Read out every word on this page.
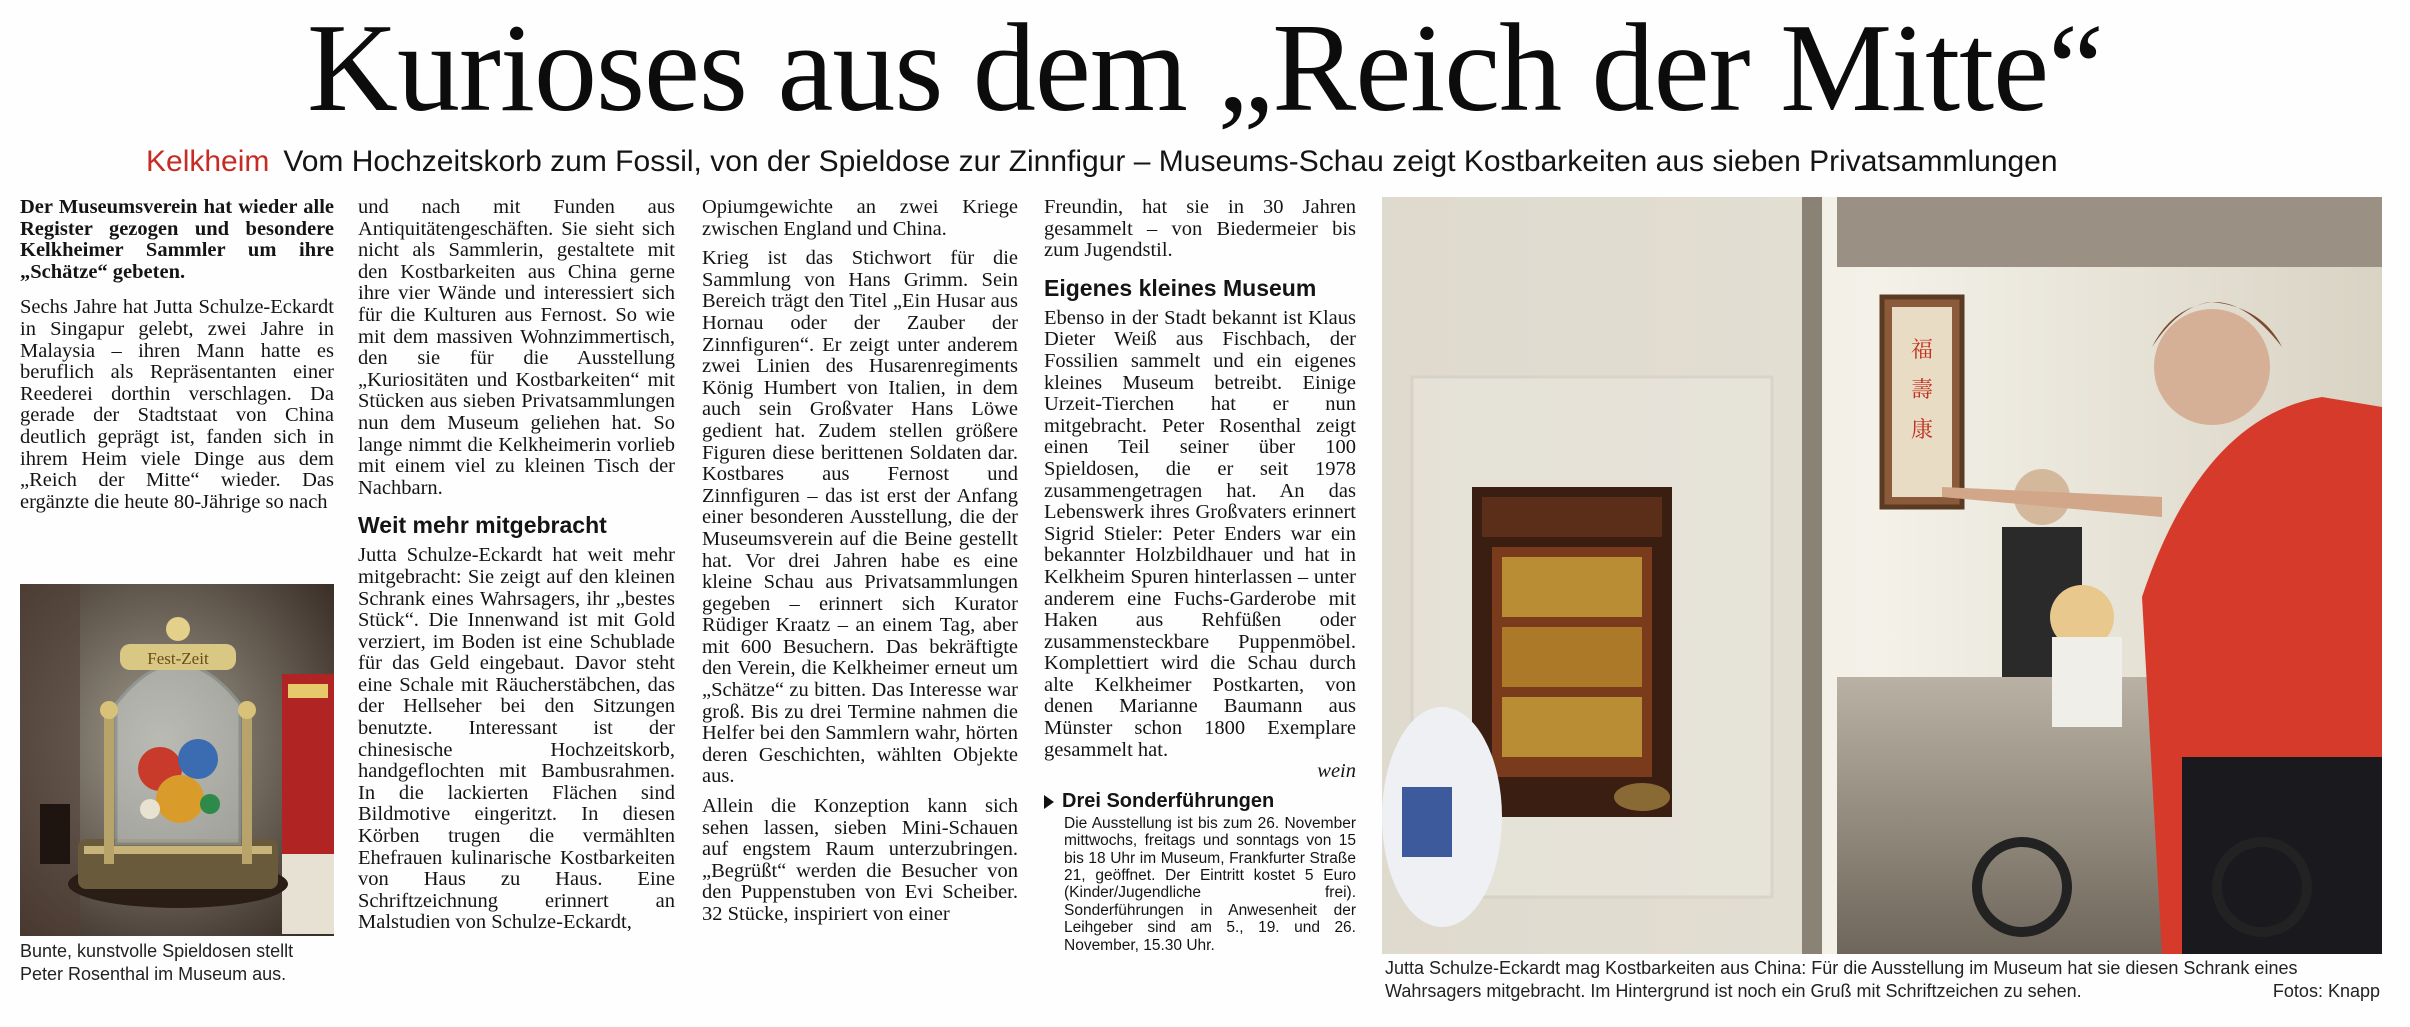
Kurioses aus dem „Reich der Mitte“
Kelkheim Vom Hochzeitskorb zum Fossil, von der Spieldose zur Zinnfigur – Museums-Schau zeigt Kostbarkeiten aus sieben Privatsammlungen

Der Museumsverein hat wieder alle Register gezogen und besondere Kelkheimer Sammler um ihre „Schätze“ gebeten.

Sechs Jahre hat Jutta Schulze-Eckardt in Singapur gelebt, zwei Jahre in Malaysia – ihren Mann hatte es beruflich als Repräsentanten einer Reederei dorthin verschlagen. Da gerade der Stadtstaat von China deutlich geprägt ist, fanden sich in ihrem Heim viele Dinge aus dem „Reich der Mitte“ wieder. Das ergänzte die heute 80-Jährige so nach

Fest-Zeit
Bunte, kunstvolle Spieldosen stellt Peter Rosenthal im Museum aus.

und nach mit Funden aus Antiquitätengeschäften. Sie sieht sich nicht als Sammlerin, gestaltete mit den Kostbarkeiten aus China gerne ihre vier Wände und interessiert sich für die Kulturen aus Fernost. So wie mit dem massiven Wohnzimmertisch, den sie für die Ausstellung „Kuriositäten und Kostbarkeiten“ mit Stücken aus sieben Privatsammlungen nun dem Museum geliehen hat. So lange nimmt die Kelkheimerin vorlieb mit einem viel zu kleinen Tisch der Nachbarn.

Weit mehr mitgebracht

Jutta Schulze-Eckardt hat weit mehr mitgebracht: Sie zeigt auf den kleinen Schrank eines Wahrsagers, ihr „bestes Stück“. Die Innenwand ist mit Gold verziert, im Boden ist eine Schublade für das Geld eingebaut. Davor steht eine Schale mit Räucherstäbchen, das der Hellseher bei den Sitzungen benutzte. Interessant ist der chinesische Hochzeitskorb, handgeflochten mit Bambusrahmen. In die lackierten Flächen sind Bildmotive eingeritzt. In diesen Körben trugen die vermählten Ehefrauen kulinarische Kostbarkeiten von Haus zu Haus. Eine Schriftzeichnung erinnert an Malstudien von Schulze-Eckardt,

Opiumgewichte an zwei Kriege zwischen England und China.

Krieg ist das Stichwort für die Sammlung von Hans Grimm. Sein Bereich trägt den Titel „Ein Husar aus Hornau oder der Zauber der Zinnfiguren“. Er zeigt unter anderem zwei Linien des Husarenregiments König Humbert von Italien, in dem auch sein Großvater Hans Löwe gedient hat. Zudem stellen größere Figuren diese berittenen Soldaten dar. Kostbares aus Fernost und Zinnfiguren – das ist erst der Anfang einer besonderen Ausstellung, die der Museumsverein auf die Beine gestellt hat. Vor drei Jahren habe es eine kleine Schau aus Privatsammlungen gegeben – erinnert sich Kurator Rüdiger Kraatz – an einem Tag, aber mit 600 Besuchern. Das bekräftigte den Verein, die Kelkheimer erneut um „Schätze“ zu bitten. Das Interesse war groß. Bis zu drei Termine nahmen die Helfer bei den Sammlern wahr, hörten deren Geschichten, wählten Objekte aus.

Allein die Konzeption kann sich sehen lassen, sieben Mini-Schauen auf engstem Raum unterzubringen. „Begrüßt“ werden die Besucher von den Puppenstuben von Evi Scheiber. 32 Stücke, inspiriert von einer

Freundin, hat sie in 30 Jahren gesammelt – von Biedermeier bis zum Jugendstil.

Eigenes kleines Museum

Ebenso in der Stadt bekannt ist Klaus Dieter Weiß aus Fischbach, der Fossilien sammelt und ein eigenes kleines Museum betreibt. Einige Urzeit-Tierchen hat er nun mitgebracht. Peter Rosenthal zeigt einen Teil seiner über 100 Spieldosen, die er seit 1978 zusammengetragen hat. An das Lebenswerk ihres Großvaters erinnert Sigrid Stieler: Peter Enders war ein bekannter Holzbildhauer und hat in Kelkheim Spuren hinterlassen – unter anderem eine Fuchs-Garderobe mit Haken aus Rehfüßen oder zusammensteckbare Puppenmöbel. Komplettiert wird die Schau durch alte Kelkheimer Postkarten, von denen Marianne Baumann aus Münster schon 1800 Exemplare gesammelt hat.

wein
Drei Sonderführungen
Die Ausstellung ist bis zum 26. November mittwochs, freitags und sonntags von 15 bis 18 Uhr im Museum, Frankfurter Straße 21, geöffnet. Der Eintritt kostet 5 Euro (Kinder/Jugendliche frei). Sonderführungen in Anwesenheit der Leihgeber sind am 5., 19. und 26. November, 15.30 Uhr.
福
壽
康
Jutta Schulze-Eckardt mag Kostbarkeiten aus China: Für die Ausstellung im Museum hat sie diesen Schrank eines Wahrsagers mitgebracht. Im Hintergrund ist noch ein Gruß mit Schriftzeichen zu sehen.	Fotos: Knapp
